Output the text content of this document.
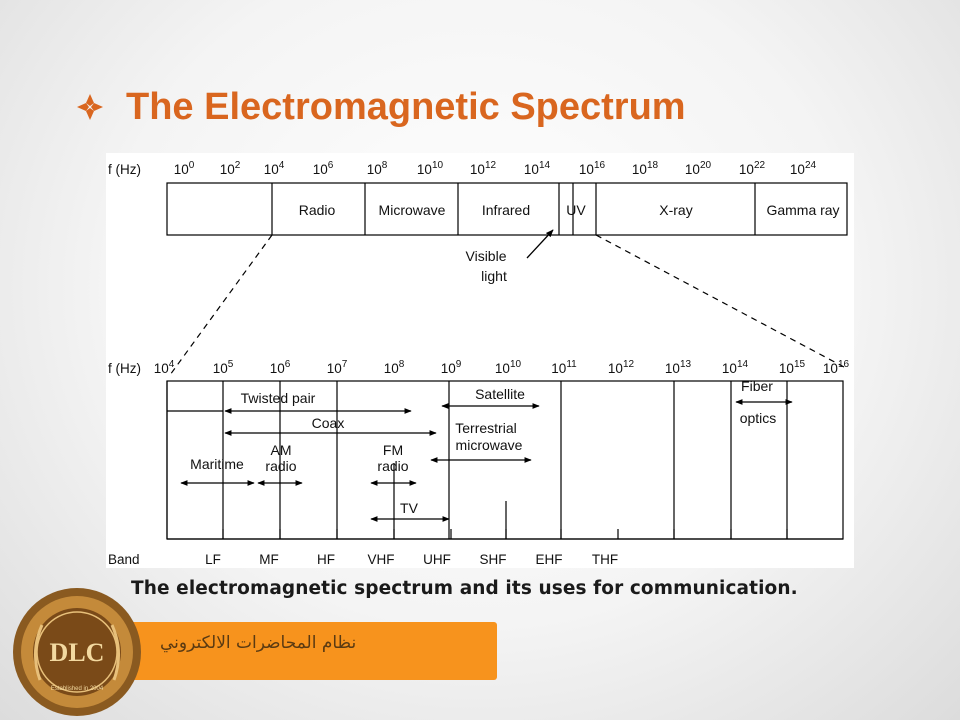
The Electromagnetic Spectrum
f (Hz) $10^0$ $10^2$ $10^4$ $10^6$ $10^8$ $10^{10}$ $10^{12}$ $10^{14}$ $10^{16}$ $10^{18}$ $10^{20}$ $10^{22}$ $10^{24}$
Radio	Microwave	Infrared	UV	X-ray	Gamma ray
Visible
light
f (Hz) $10^4$	$10^5$	$10^6$	$10^7$	$10^8$	$10^9$ $10^{10}$ $10^{11}$ $10^{12}$ $10^{13}$ $10^{14}$ $10^{15}$ $10^{16}$
Twisted pair
Coax
Satellite
Terrestrial
microwave
Fiber
optics
Maritime
AM
radio
FM
radio
TV
Band	LF	MF	HF VHF UHF SHF EHF THF
The electromagnetic spectrum and its uses for communication.
نظام المحاضرات الالكتروني
DLC
Established in 2004
